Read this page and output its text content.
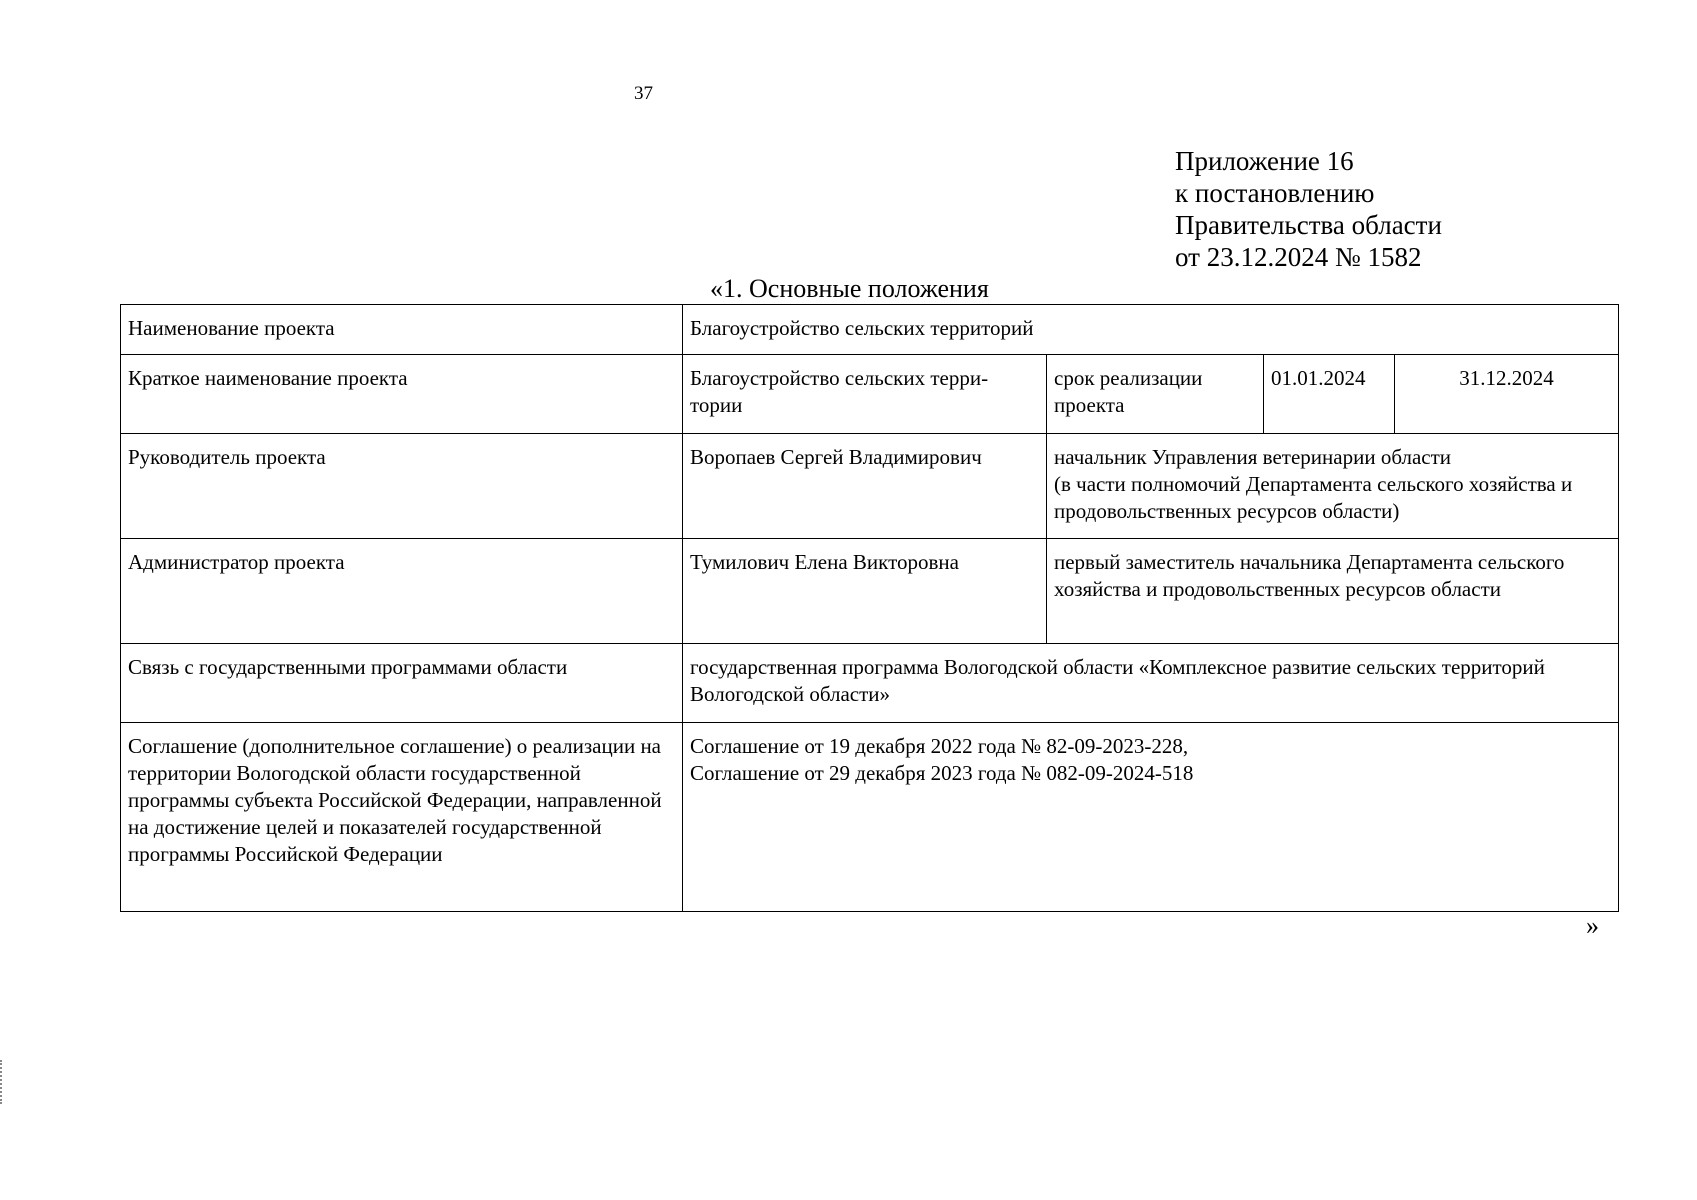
37
Приложение 16
к постановлению
Правительства области
от 23.12.2024 № 1582
«1. Основные положения
Наименование проекта	Благоустройство сельских территорий			
Краткое наименование проекта	Благоустройство сельских терри-тории	срок реализации проекта	01.01.2024	31.12.2024
Руководитель проекта	Воропаев Сергей Владимирович	начальник Управления ветеринарии области
(в части полномочий Департамента сельского хозяйства и продовольственных ресурсов области)		

Администратор проекта	Тумилович Елена Викторовна	первый заместитель начальника Департамента сельского хозяйства и продовольственных ресурсов области		
Связь с государственными программами области	государственная программа Вологодской области «Комплексное развитие сельских территорий Вологодской области»			
Соглашение (дополнительное соглашение) о реализации на территории Вологодской области государственной программы субъекта Российской Федерации, направленной на достижение целей и показателей государственной программы Российской Федерации	Соглашение от 19 декабря 2022 года № 82-09-2023-228,
Соглашение от 29 декабря 2023 года № 082-09-2024-518			
»
